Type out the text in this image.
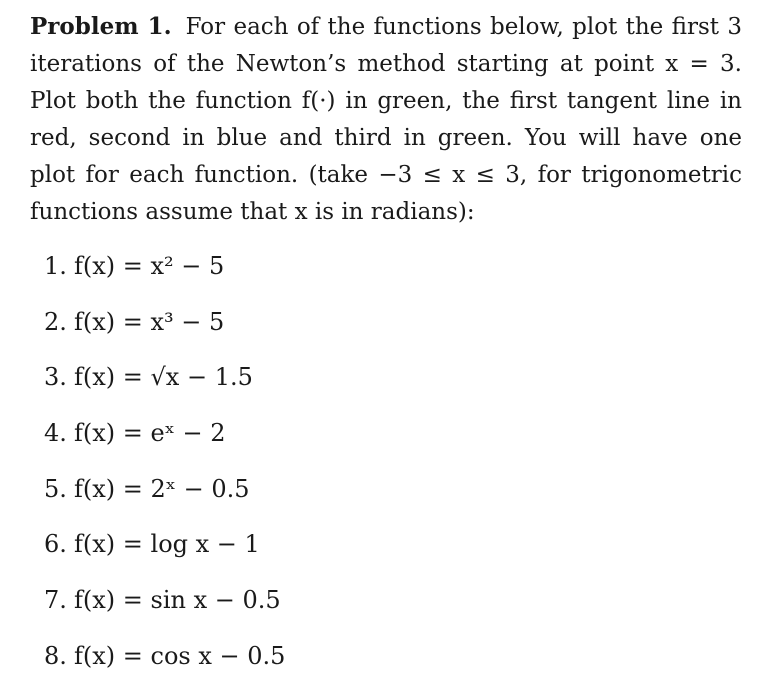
Problem 1. For each of the functions below, plot the first 3 iterations of the Newton’s method starting at point x = 3. Plot both the function f(·) in green, the first tangent line in red, second in blue and third in green. You will have one plot for each function. (take −3 ≤ x ≤ 3, for trigonometric functions assume that x is in radians):
1. f(x) = x² − 5
2. f(x) = x³ − 5
3. f(x) = √x − 1.5
4. f(x) = eˣ − 2
5. f(x) = 2ˣ − 0.5
6. f(x) = log x − 1
7. f(x) = sin x − 0.5
8. f(x) = cos x − 0.5
